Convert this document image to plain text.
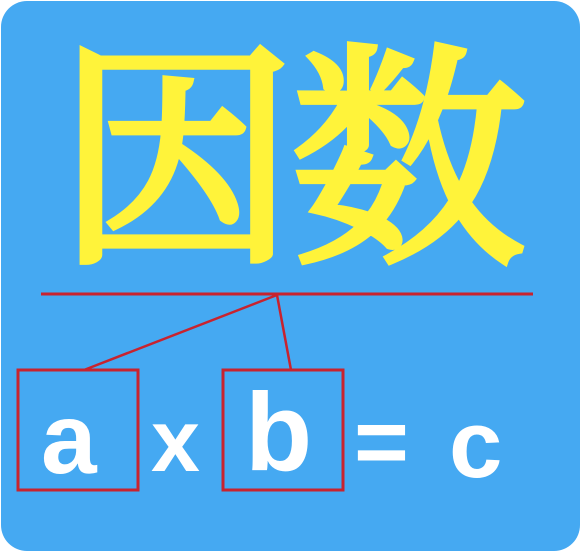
因数
a x b = c
